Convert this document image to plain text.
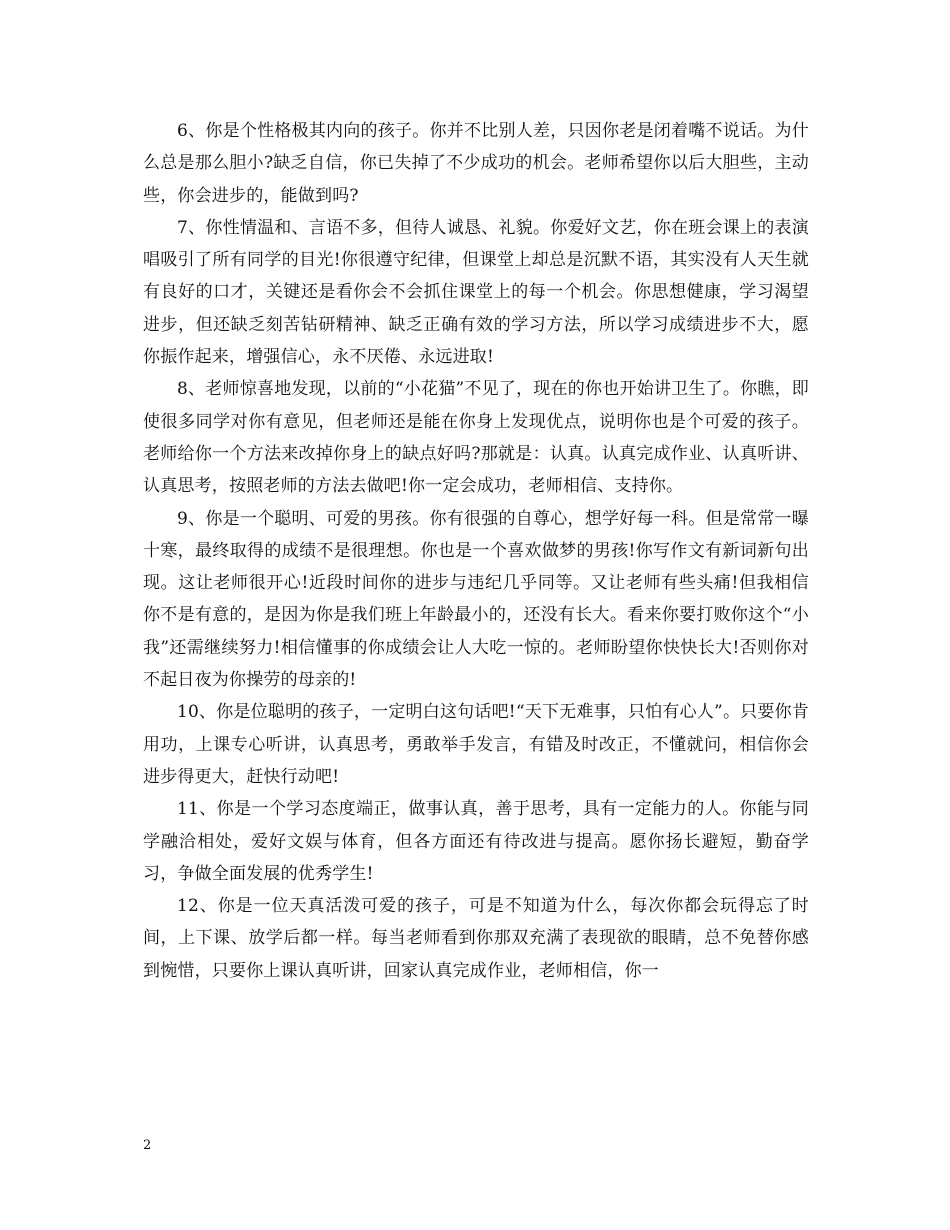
6、你是个性格极其内向的孩子。你并不比别人差，只因你老是闭着嘴不说话。为什么总是那么胆小?缺乏自信，你已失掉了不少成功的机会。老师希望你以后大胆些，主动些，你会进步的，能做到吗?

7、你性情温和、言语不多，但待人诚恳、礼貌。你爱好文艺，你在班会课上的表演唱吸引了所有同学的目光!你很遵守纪律，但课堂上却总是沉默不语，其实没有人天生就有良好的口才，关键还是看你会不会抓住课堂上的每一个机会。你思想健康，学习渴望进步，但还缺乏刻苦钻研精神、缺乏正确有效的学习方法，所以学习成绩进步不大，愿你振作起来，增强信心，永不厌倦、永远进取!

8、老师惊喜地发现，以前的“小花猫”不见了，现在的你也开始讲卫生了。你瞧，即使很多同学对你有意见，但老师还是能在你身上发现优点，说明你也是个可爱的孩子。老师给你一个方法来改掉你身上的缺点好吗?那就是：认真。认真完成作业、认真听讲、认真思考，按照老师的方法去做吧!你一定会成功，老师相信、支持你。

9、你是一个聪明、可爱的男孩。你有很强的自尊心，想学好每一科。但是常常一曝十寒，最终取得的成绩不是很理想。你也是一个喜欢做梦的男孩!你写作文有新词新句出现。这让老师很开心!近段时间你的进步与违纪几乎同等。又让老师有些头痛!但我相信你不是有意的，是因为你是我们班上年龄最小的，还没有长大。看来你要打败你这个“小我”还需继续努力!相信懂事的你成绩会让人大吃一惊的。老师盼望你快快长大!否则你对不起日夜为你操劳的母亲的!

10、你是位聪明的孩子，一定明白这句话吧!“天下无难事，只怕有心人”。只要你肯用功，上课专心听讲，认真思考，勇敢举手发言，有错及时改正，不懂就问，相信你会进步得更大，赶快行动吧!

11、你是一个学习态度端正，做事认真，善于思考，具有一定能力的人。你能与同学融洽相处，爱好文娱与体育，但各方面还有待改进与提高。愿你扬长避短，勤奋学习，争做全面发展的优秀学生!

12、你是一位天真活泼可爱的孩子，可是不知道为什么，每次你都会玩得忘了时间，上下课、放学后都一样。每当老师看到你那双充满了表现欲的眼睛，总不免替你感到惋惜，只要你上课认真听讲，回家认真完成作业，老师相信，你一

2
